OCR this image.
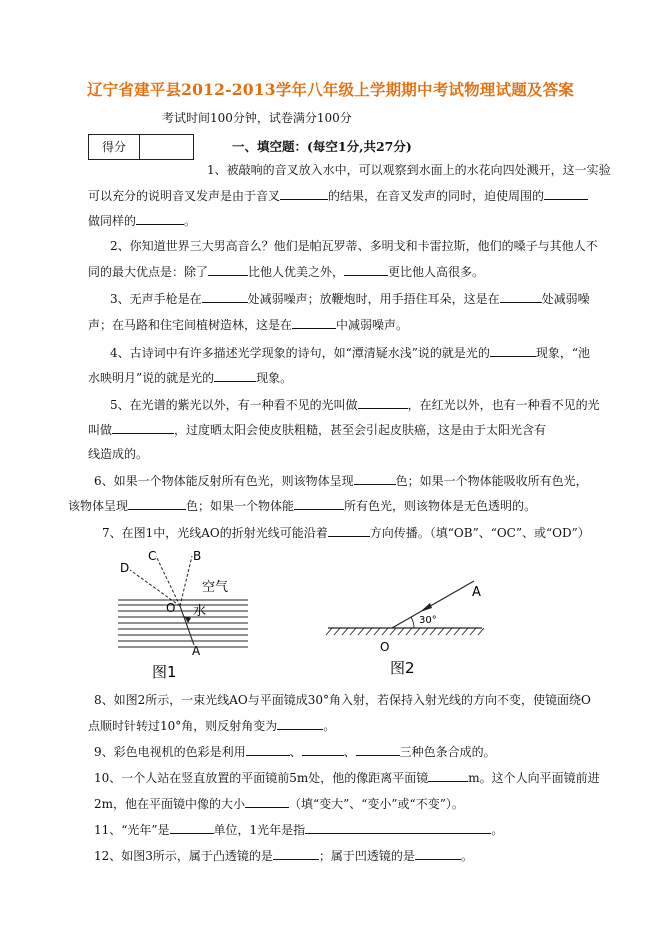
辽宁省建平县2012-2013学年八年级上学期期中考试物理试题及答案
考试时间100分钟，试卷满分100分
得分	一、填空题：(每空1分,共27分)
1、被敲响的音叉放入水中，可以观察到水面上的水花向四处溅开，这一实验
可以充分的说明音叉发声是由于音叉	的结果，在音叉发声的同时，迫使周围的
做同样的	。
2、你知道世界三大男高音么？他们是帕瓦罗蒂、多明戈和卡雷拉斯，他们的嗓子与其他人不
同的最大优点是：除了	比他人优美之外，	更比他人高很多。
3、无声手枪是在	处减弱噪声；放鞭炮时，用手捂住耳朵，这是在	处减弱噪
声；在马路和住宅间植树造林，这是在	中减弱噪声。
4、古诗词中有许多描述光学现象的诗句，如“潭清疑水浅”说的就是光的	现象，“池
水映明月”说的就是光的	现象。
5、在光谱的紫光以外，有一种看不见的光叫做	，在红光以外，也有一种看不见的光
叫做	，过度晒太阳会使皮肤粗糙，甚至会引起皮肤癌，这是由于太阳光含有
线造成的。
6、如果一个物体能反射所有色光，则该物体呈现	色；如果一个物体能吸收所有色光，
该物体呈现	色；如果一个物体能	所有色光，则该物体是无色透明的。
7、在图1中，光线AO的折射光线可能沿着	方向传播。（填“OB”、“OC”、或“OD”）
D
C	B
空气
O 水
A
图1
30°
A
O
图2
8、如图2所示，一束光线AO与平面镜成30°角入射，若保持入射光线的方向不变，使镜面绕O
点顺时针转过10°角，则反射角变为	。
9、彩色电视机的色彩是利用	、	、	三种色条合成的。
10、一个人站在竖直放置的平面镜前5m处，他的像距离平面镜	m。这个人向平面镜前进
2m，他在平面镜中像的大小	（填“变大”、“变小”或“不变”）。
11、“光年”是	单位，1光年是指	。
12、如图3所示，属于凸透镜的是	；属于凹透镜的是	。
